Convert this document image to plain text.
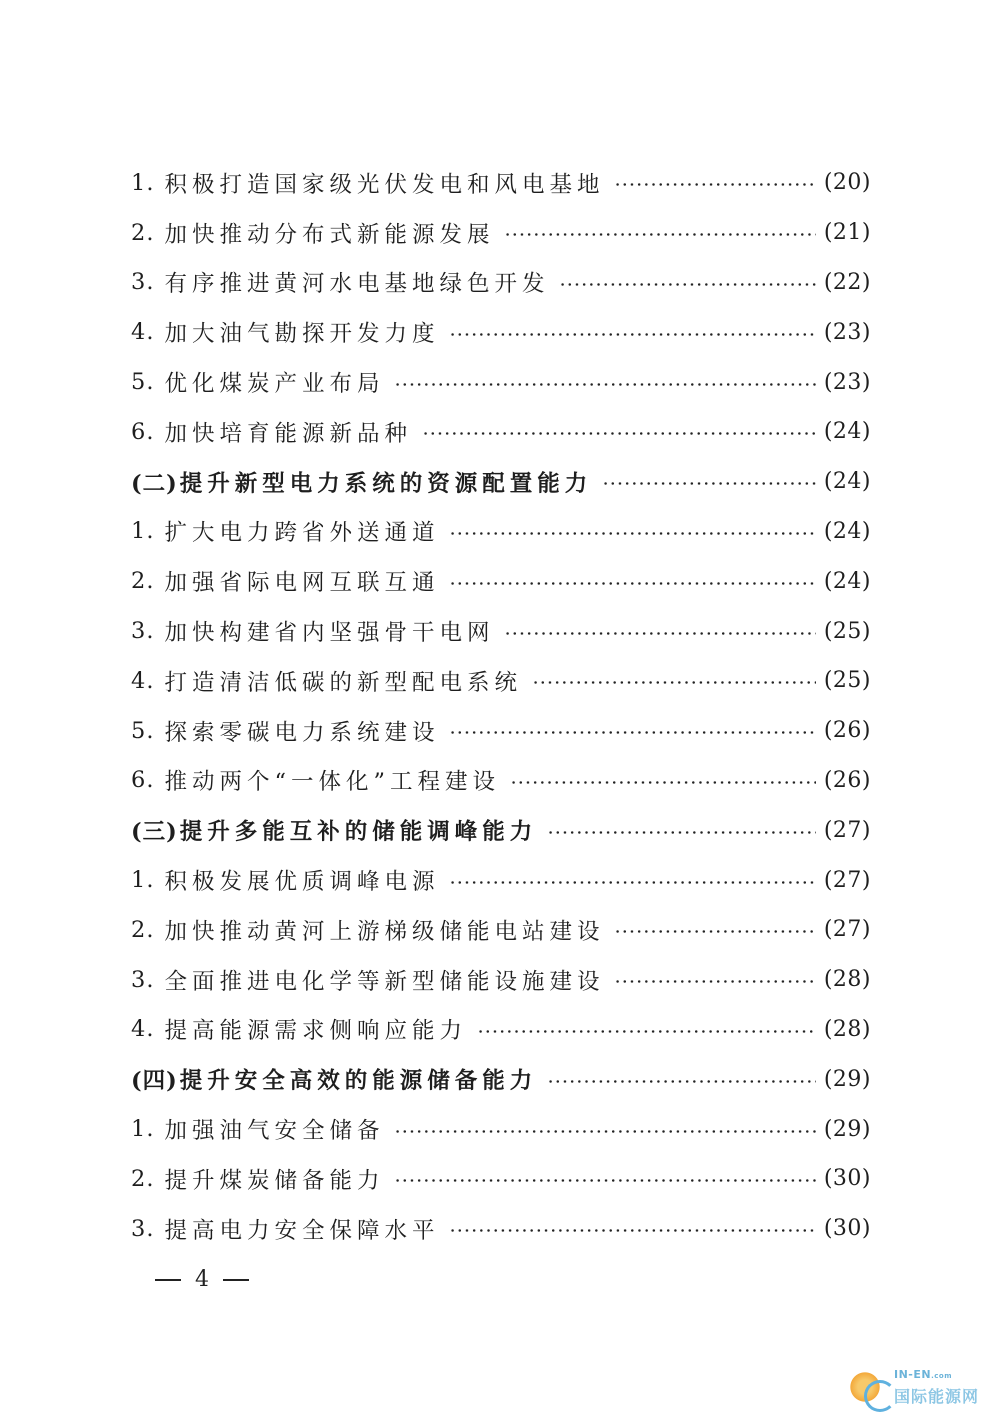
1. 积极打造国家级光伏发电和风电基地	(20)
2. 加快推动分布式新能源发展	(21)
3. 有序推进黄河水电基地绿色开发	(22)
4. 加大油气勘探开发力度	(23)
5. 优化煤炭产业布局	(23)
6. 加快培育能源新品种	(24)
(二) 提升新型电力系统的资源配置能力	(24)
1. 扩大电力跨省外送通道	(24)
2. 加强省际电网互联互通	(24)
3. 加快构建省内坚强骨干电网	(25)
4. 打造清洁低碳的新型配电系统	(25)
5. 探索零碳电力系统建设	(26)
6. 推动两个“一体化”工程建设	(26)
(三) 提升多能互补的储能调峰能力	(27)
1. 积极发展优质调峰电源	(27)
2. 加快推动黄河上游梯级储能电站建设	(27)
3. 全面推进电化学等新型储能设施建设	(28)
4. 提高能源需求侧响应能力	(28)
(四) 提升安全高效的能源储备能力	(29)
1. 加强油气安全储备	(29)
2. 提升煤炭储备能力	(30)
3. 提高电力安全保障水平	(30)
4
IN-EN.com
国际能源网
